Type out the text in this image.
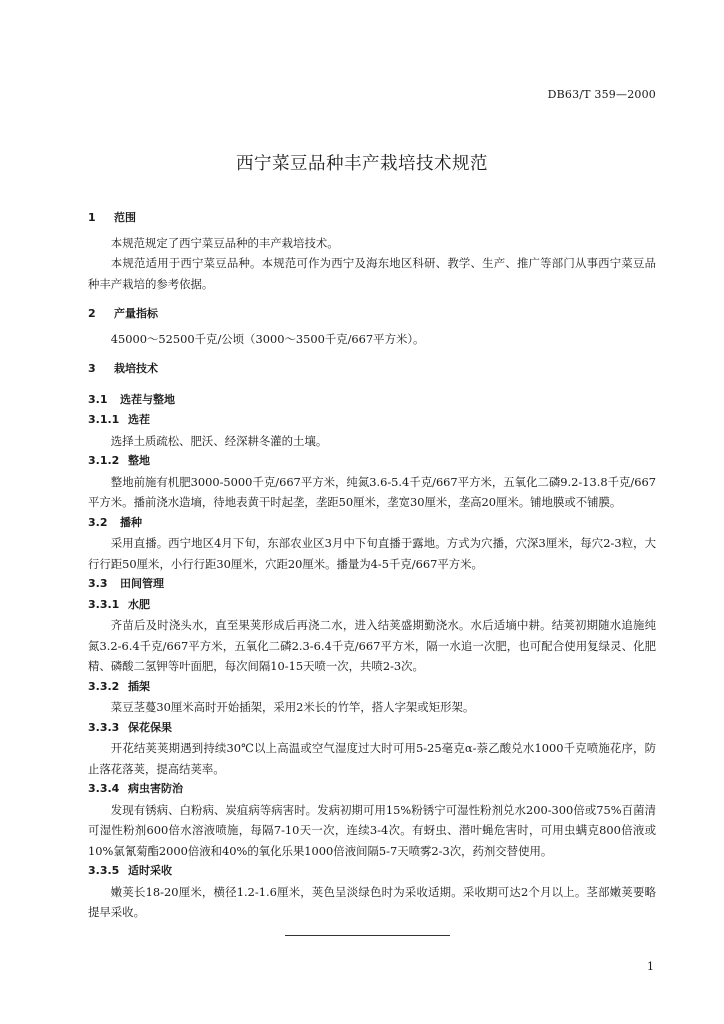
DB63/T 359—2000
西宁菜豆品种丰产栽培技术规范
1 范围

本规范规定了西宁菜豆品种的丰产栽培技术。

本规范适用于西宁菜豆品种。本规范可作为西宁及海东地区科研、教学、生产、推广等部门从事西宁菜豆品种丰产栽培的参考依据。

2 产量指标

45000～52500千克/公顷（3000～3500千克/667平方米）。

3 栽培技术
3.1 选茬与整地
3.1.1 选茬

选择土质疏松、肥沃、经深耕冬灌的土壤。

3.1.2 整地

整地前施有机肥3000-5000千克/667平方米，纯氮3.6-5.4千克/667平方米，五氧化二磷9.2-13.8千克/667平方米。播前浇水造墒，待地表黄干时起垄，垄距50厘米，垄宽30厘米，垄高20厘米。铺地膜或不铺膜。

3.2 播种

采用直播。西宁地区4月下旬，东部农业区3月中下旬直播于露地。方式为穴播，穴深3厘米，每穴2-3粒，大行行距50厘米，小行行距30厘米，穴距20厘米。播量为4-5千克/667平方米。

3.3 田间管理
3.3.1 水肥

齐苗后及时浇头水，直至果荚形成后再浇二水，进入结荚盛期勤浇水。水后适墒中耕。结荚初期随水追施纯氮3.2-6.4千克/667平方米，五氧化二磷2.3-6.4千克/667平方米，隔一水追一次肥，也可配合使用复绿灵、化肥精、磷酸二氢钾等叶面肥，每次间隔10-15天喷一次，共喷2-3次。

3.3.2 插架

菜豆茎蔓30厘米高时开始插架，采用2米长的竹竿，搭人字架或矩形架。

3.3.3 保花保果

开花结荚荚期遇到持续30℃以上高温或空气湿度过大时可用5-25毫克α-萘乙酸兑水1000千克喷施花序，防止落花落荚，提高结荚率。

3.3.4 病虫害防治

发现有锈病、白粉病、炭疽病等病害时。发病初期可用15%粉锈宁可湿性粉剂兑水200-300倍或75%百菌清可湿性粉剂600倍水溶液喷施，每隔7-10天一次，连续3-4次。有蚜虫、潜叶蝇危害时，可用虫螨克800倍液或10%氯氰菊酯2000倍液和40%的氧化乐果1000倍液间隔5-7天喷雾2-3次，药剂交替使用。

3.3.5 适时采收

嫩荚长18-20厘米，横径1.2-1.6厘米，荚色呈淡绿色时为采收适期。采收期可达2个月以上。茎部嫩荚要略提早采收。

1
